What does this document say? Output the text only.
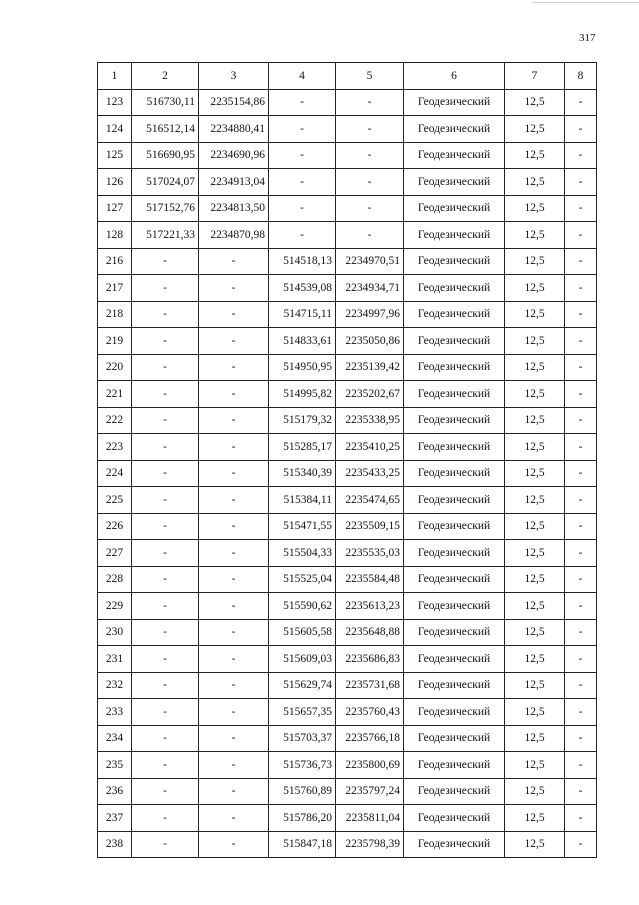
317
1	2	3	4	5	6	7	8
123	516730,11	2235154,86	-	-	Геодезический	12,5	-
124	516512,14	2234880,41	-	-	Геодезический	12,5	-
125	516690,95	2234690,96	-	-	Геодезический	12,5	-
126	517024,07	2234913,04	-	-	Геодезический	12,5	-
127	517152,76	2234813,50	-	-	Геодезический	12,5	-
128	517221,33	2234870,98	-	-	Геодезический	12,5	-
216	-	-	514518,13	2234970,51	Геодезический	12,5	-
217	-	-	514539,08	2234934,71	Геодезический	12,5	-
218	-	-	514715,11	2234997,96	Геодезический	12,5	-
219	-	-	514833,61	2235050,86	Геодезический	12,5	-
220	-	-	514950,95	2235139,42	Геодезический	12,5	-
221	-	-	514995,82	2235202,67	Геодезический	12,5	-
222	-	-	515179,32	2235338,95	Геодезический	12,5	-
223	-	-	515285,17	2235410,25	Геодезический	12,5	-
224	-	-	515340,39	2235433,25	Геодезический	12,5	-
225	-	-	515384,11	2235474,65	Геодезический	12,5	-
226	-	-	515471,55	2235509,15	Геодезический	12,5	-
227	-	-	515504,33	2235535,03	Геодезический	12,5	-
228	-	-	515525,04	2235584,48	Геодезический	12,5	-
229	-	-	515590,62	2235613,23	Геодезический	12,5	-
230	-	-	515605,58	2235648,88	Геодезический	12,5	-
231	-	-	515609,03	2235686,83	Геодезический	12,5	-
232	-	-	515629,74	2235731,68	Геодезический	12,5	-
233	-	-	515657,35	2235760,43	Геодезический	12,5	-
234	-	-	515703,37	2235766,18	Геодезический	12,5	-
235	-	-	515736,73	2235800,69	Геодезический	12,5	-
236	-	-	515760,89	2235797,24	Геодезический	12,5	-
237	-	-	515786,20	2235811,04	Геодезический	12,5	-
238	-	-	515847,18	2235798,39	Геодезический	12,5	-
